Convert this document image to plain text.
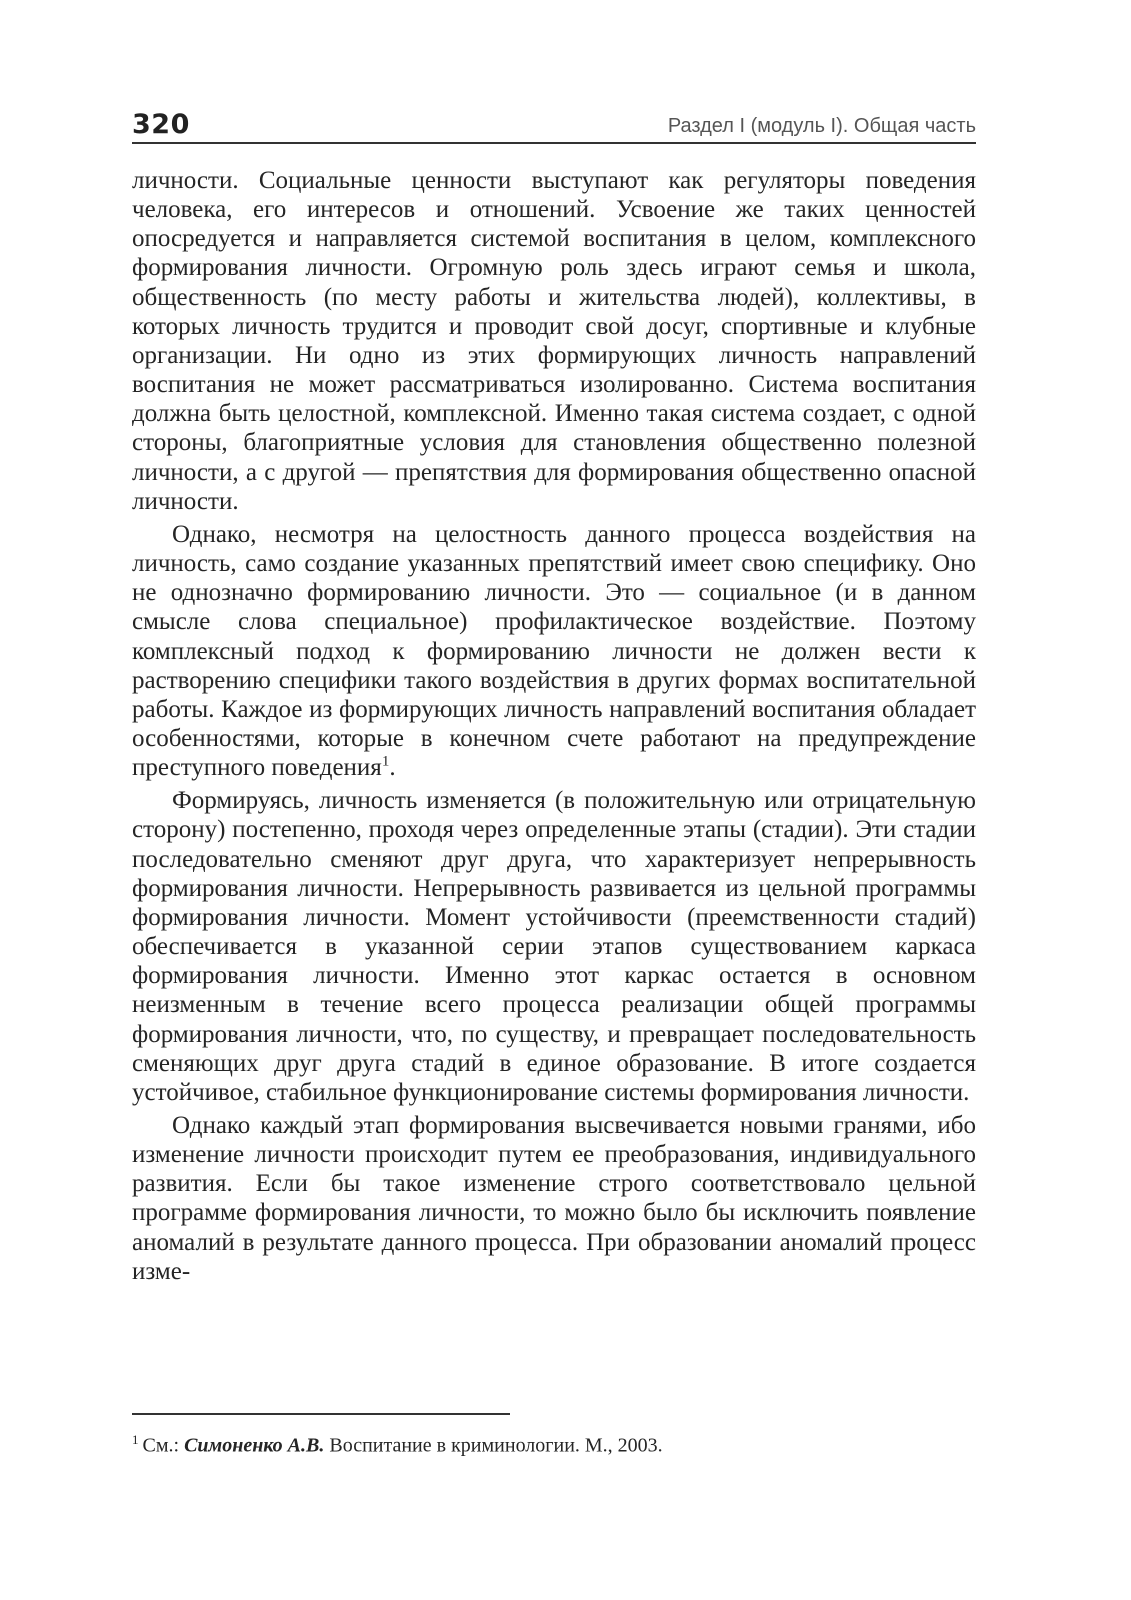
320	Раздел I (модуль I). Общая часть

личности. Социальные ценности выступают как регуляторы поведения человека, его интересов и отношений. Усвоение же таких ценностей опосредуется и направляется системой воспитания в целом, комплексного формирования личности. Огромную роль здесь играют семья и школа, общественность (по месту работы и жительства людей), коллективы, в которых личность трудится и проводит свой досуг, спортивные и клубные организации. Ни одно из этих формирующих личность направлений воспитания не может рассматриваться изолированно. Система воспитания должна быть целостной, комплексной. Именно такая система создает, с одной стороны, благоприятные условия для становления общественно полезной личности, а с другой — препятствия для формирования общественно опасной личности.

Однако, несмотря на целостность данного процесса воздействия на личность, само создание указанных препятствий имеет свою специфику. Оно не однозначно формированию личности. Это — социальное (и в данном смысле слова специальное) профилактическое воздействие. Поэтому комплексный подход к формированию личности не должен вести к растворению специфики такого воздействия в других формах воспитательной работы. Каждое из формирующих личность направлений воспитания обладает особенностями, которые в конечном счете работают на предупреждение преступного поведения$^1$.

Формируясь, личность изменяется (в положительную или отрицательную сторону) постепенно, проходя через определенные этапы (стадии). Эти стадии последовательно сменяют друг друга, что характеризует непрерывность формирования личности. Непрерывность развивается из цельной программы формирования личности. Момент устойчивости (преемственности стадий) обеспечивается в указанной серии этапов существованием каркаса формирования личности. Именно этот каркас остается в основном неизменным в течение всего процесса реализации общей программы формирования личности, что, по существу, и превращает последовательность сменяющих друг друга стадий в единое образование. В итоге создается устойчивое, стабильное функционирование системы формирования личности.

Однако каждый этап формирования высвечивается новыми гранями, ибо изменение личности происходит путем ее преобразования, индивидуального развития. Если бы такое изменение строго соответствовало цельной программе формирования личности, то можно было бы исключить появление аномалий в результате данного процесса. При образовании аномалий процесс изме-

$^1$ См.: Симоненко А.В. Воспитание в криминологии. М., 2003.
